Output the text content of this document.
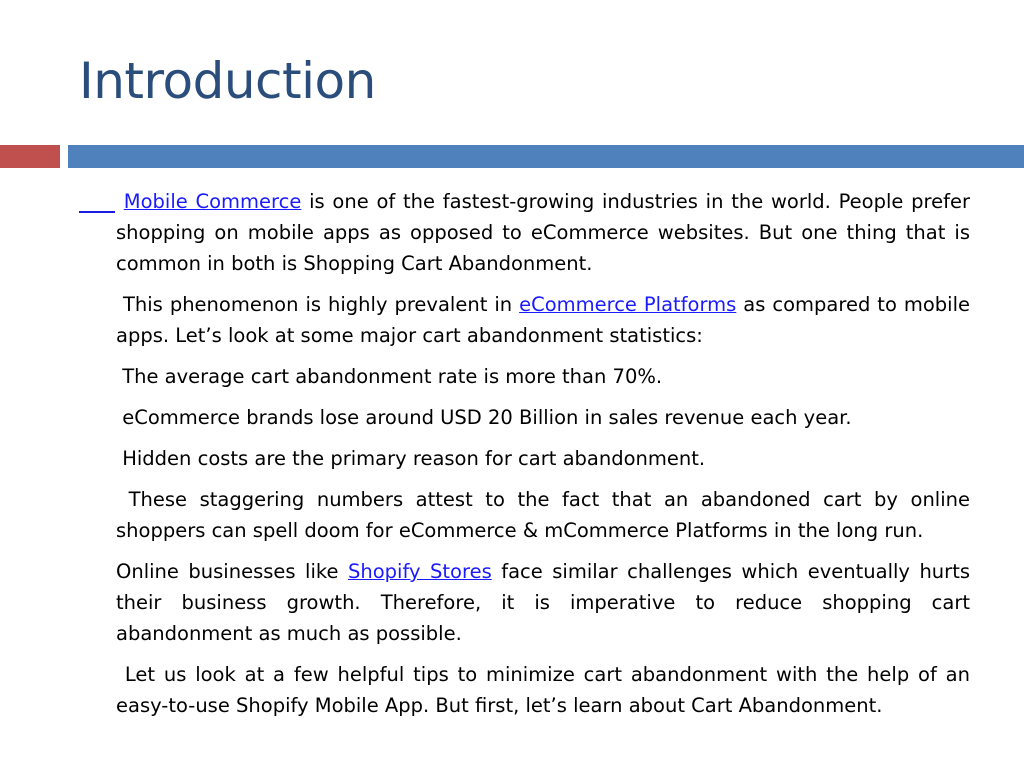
Introduction

Mobile Commerce is one of the fastest-growing industries in the world. People prefer shopping on mobile apps as opposed to eCommerce websites. But one thing that is common in both is Shopping Cart Abandonment.

This phenomenon is highly prevalent in eCommerce Platforms as compared to mobile apps. Let’s look at some major cart abandonment statistics:

The average cart abandonment rate is more than 70%.

eCommerce brands lose around USD 20 Billion in sales revenue each year.

Hidden costs are the primary reason for cart abandonment.

These staggering numbers attest to the fact that an abandoned cart by online shoppers can spell doom for eCommerce & mCommerce Platforms in the long run.

Online businesses like Shopify Stores face similar challenges which eventually hurts their business growth. Therefore, it is imperative to reduce shopping cart abandonment as much as possible.

Let us look at a few helpful tips to minimize cart abandonment with the help of an easy-to-use Shopify Mobile App. But first, let’s learn about Cart Abandonment.
